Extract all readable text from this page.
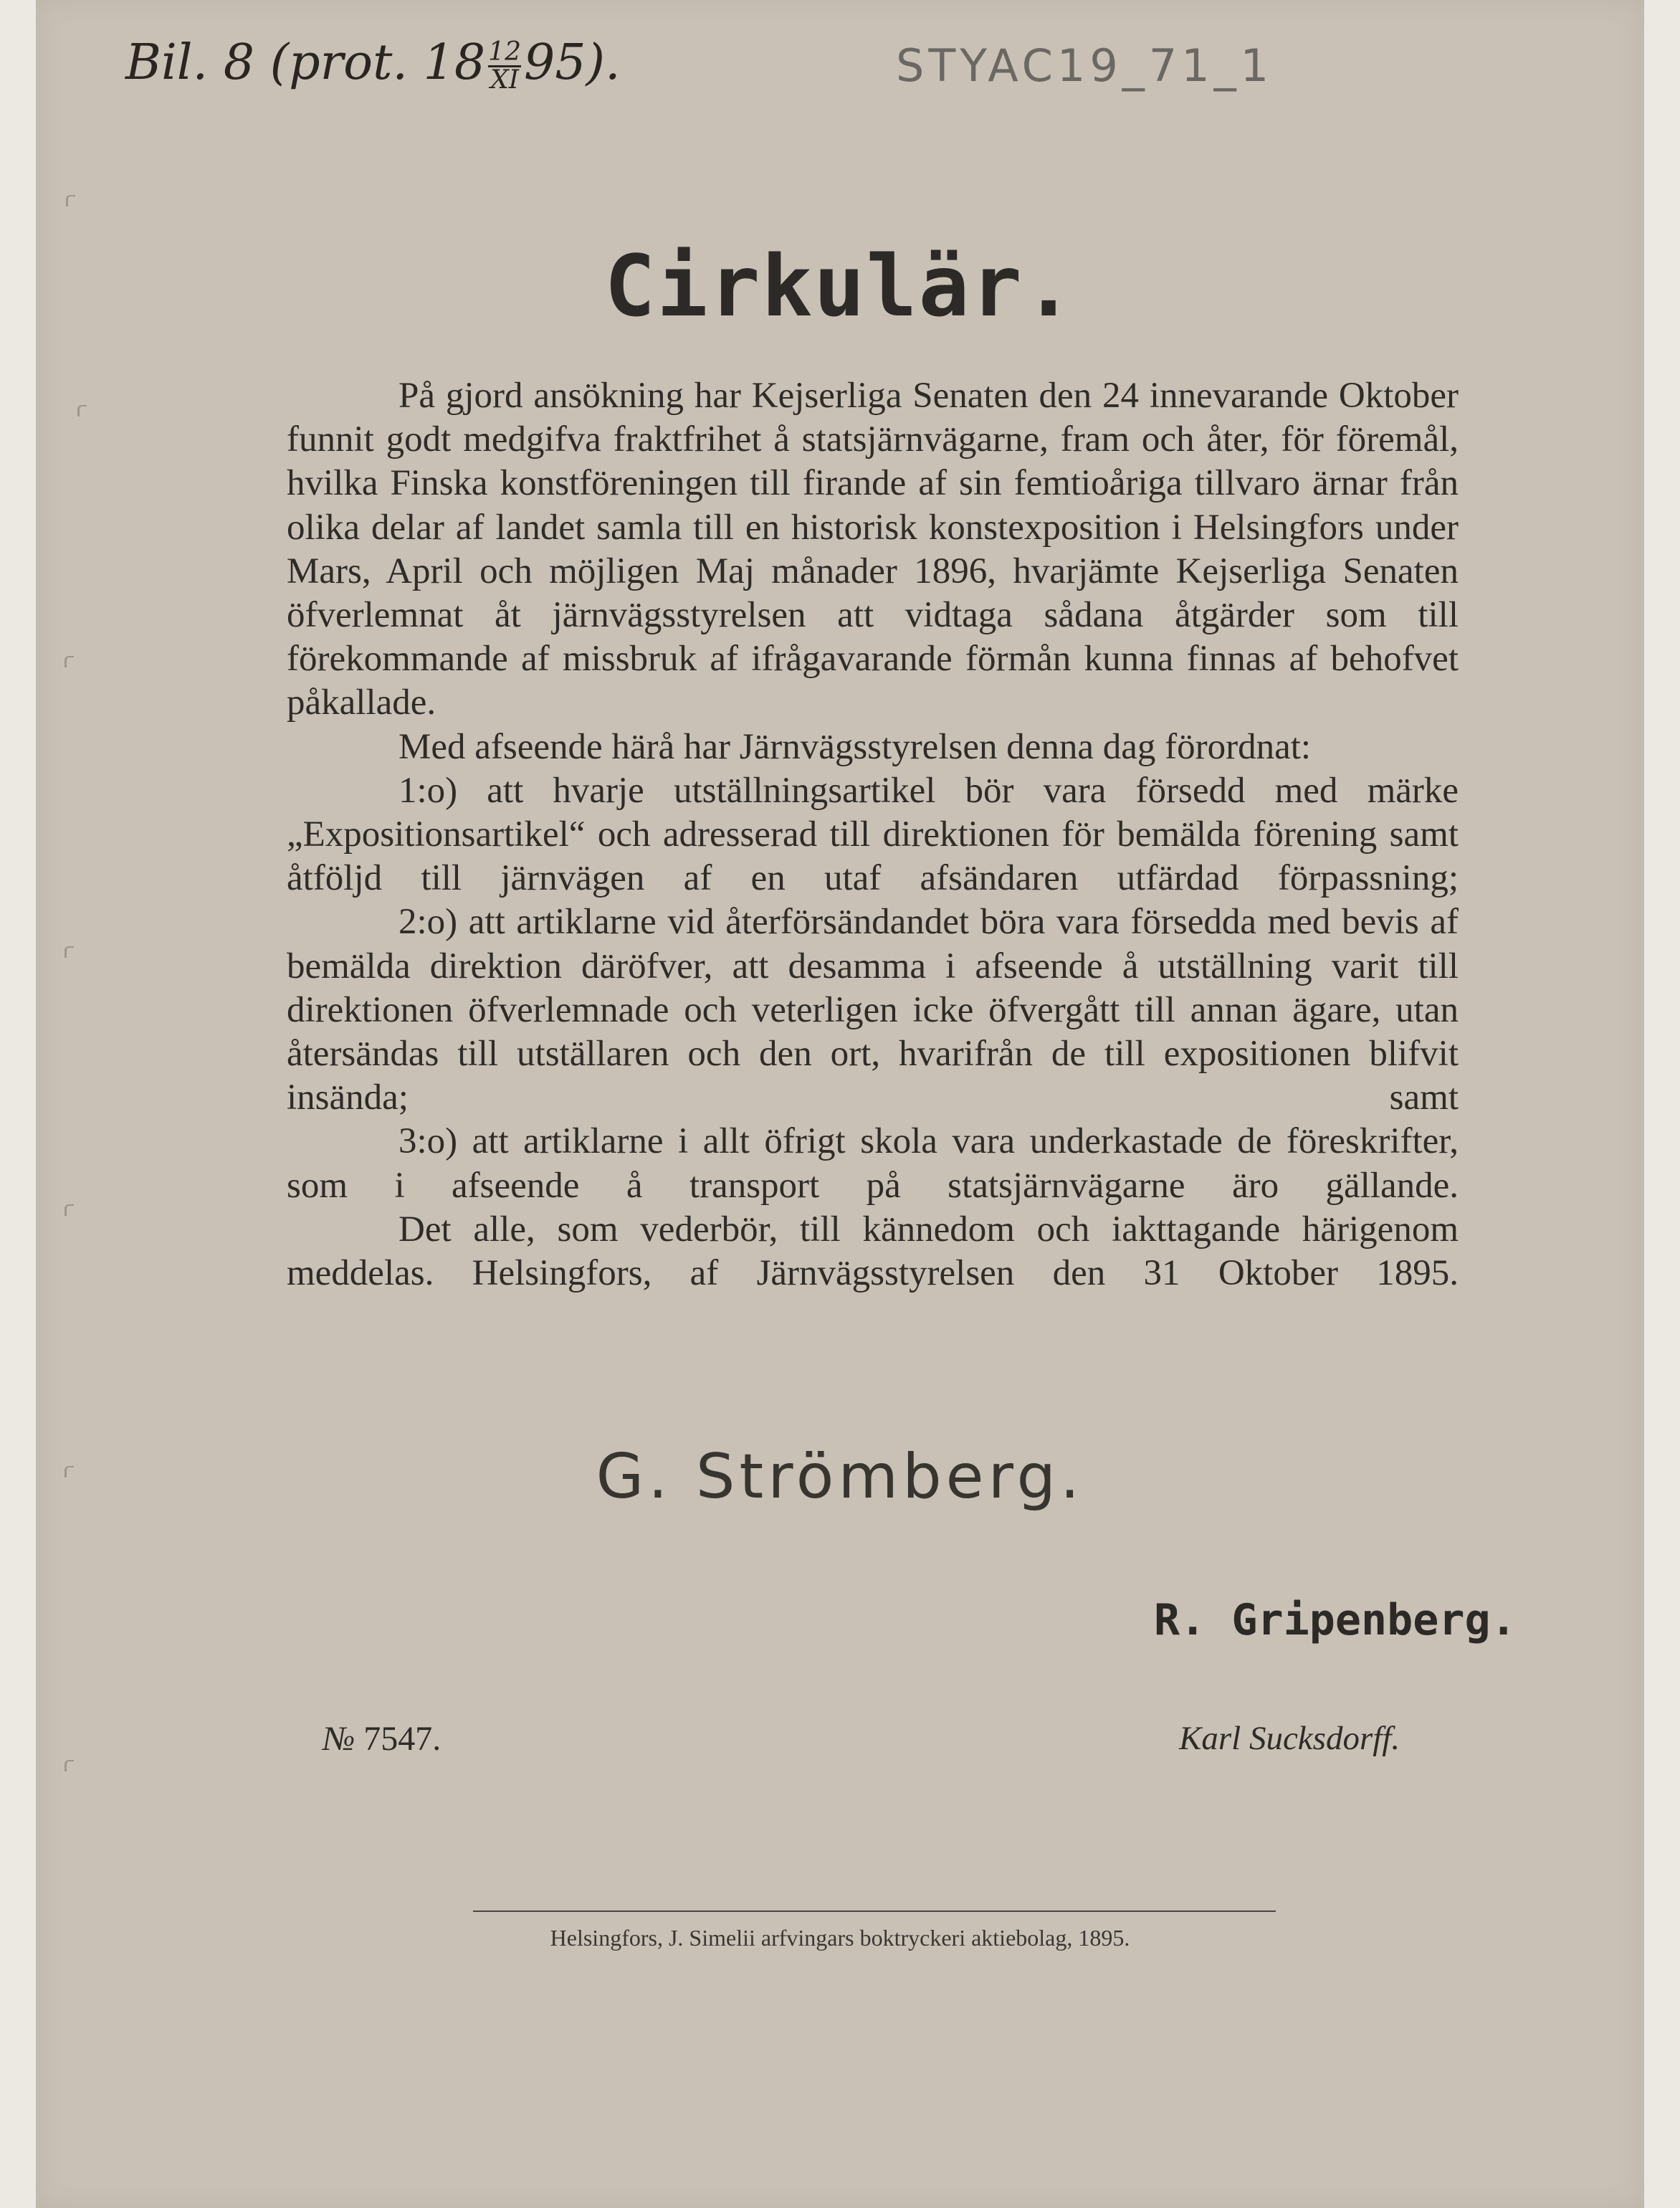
Bil. 8 (prot. $18 \frac{12}{XI} 95$).	STYAC19_71_1
Cirkulär.

På gjord ansökning har Kejserliga Senaten den 24 innevarande Oktober funnit godt medgifva fraktfrihet å statsjärnvägarne, fram och åter, för föremål, hvilka Finska konstföreningen till firande af sin femtioåriga tillvaro ärnar från olika delar af landet samla till en historisk konstexposition i Helsingfors under Mars, April och möjligen Maj månader 1896, hvarjämte Kejserliga Senaten öfverlemnat åt järnvägsstyrelsen att vidtaga sådana åtgärder som till förekommande af missbruk af ifrågavarande förmån kunna finnas af behofvet påkallade.

Med afseende härå har Järnvägsstyrelsen denna dag förordnat:

1:o) att hvarje utställningsartikel bör vara försedd med märke „Expositionsartikel“ och adresserad till direktionen för bemälda förening samt åtföljd till järnvägen af en utaf afsändaren utfärdad förpassning;

2:o) att artiklarne vid återförsändandet böra vara försedda med bevis af bemälda direktion däröfver, att desamma i afseende å utställning varit till direktionen öfverlemnade och veterligen icke öfvergått till annan ägare, utan återsändas till utställaren och den ort, hvarifrån de till expositionen blifvit insända; samt

3:o) att artiklarne i allt öfrigt skola vara underkastade de föreskrifter, som i afseende å transport på statsjärnvägarne äro gällande.

Det alle, som vederbör, till kännedom och iakttagande härigenom meddelas. Helsingfors, af Järnvägsstyrelsen den 31 Oktober 1895.

G. Strömberg.
R. Gripenberg.
№ 7547.	Karl Sucksdorff.
Helsingfors, J. Simelii arfvingars boktryckeri aktiebolag, 1895.
